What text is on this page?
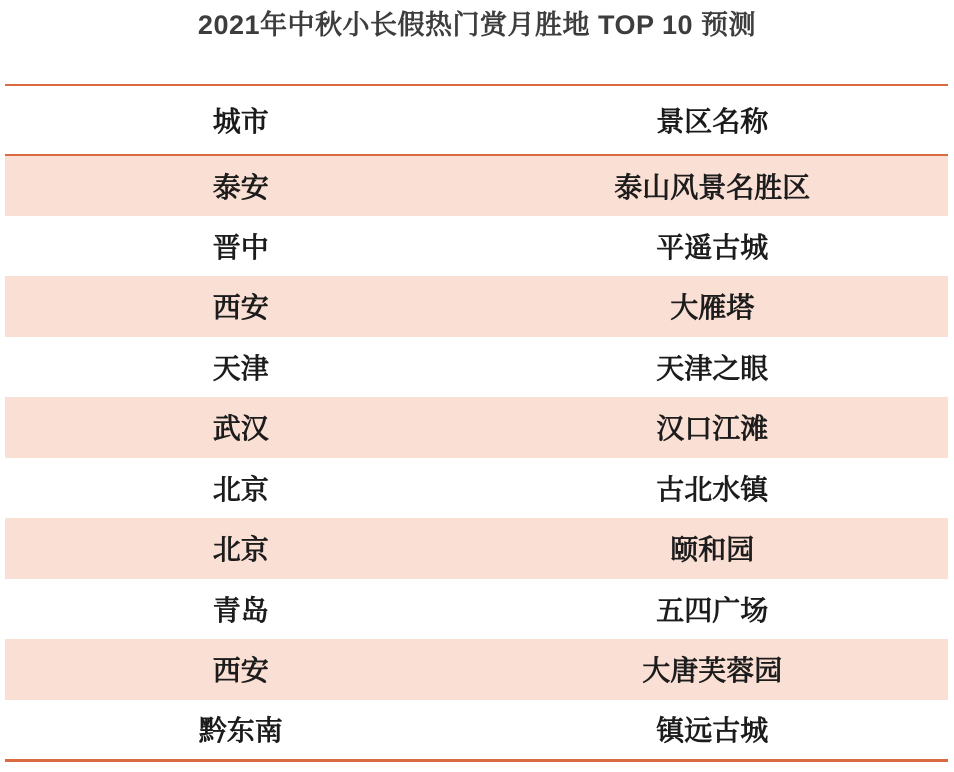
2021年中秋小长假热门赏月胜地 TOP 10 预测
城市	景区名称
泰安	泰山风景名胜区
晋中	平遥古城
西安	大雁塔
天津	天津之眼
武汉	汉口江滩
北京	古北水镇
北京	颐和园
青岛	五四广场
西安	大唐芙蓉园
黔东南	镇远古城
